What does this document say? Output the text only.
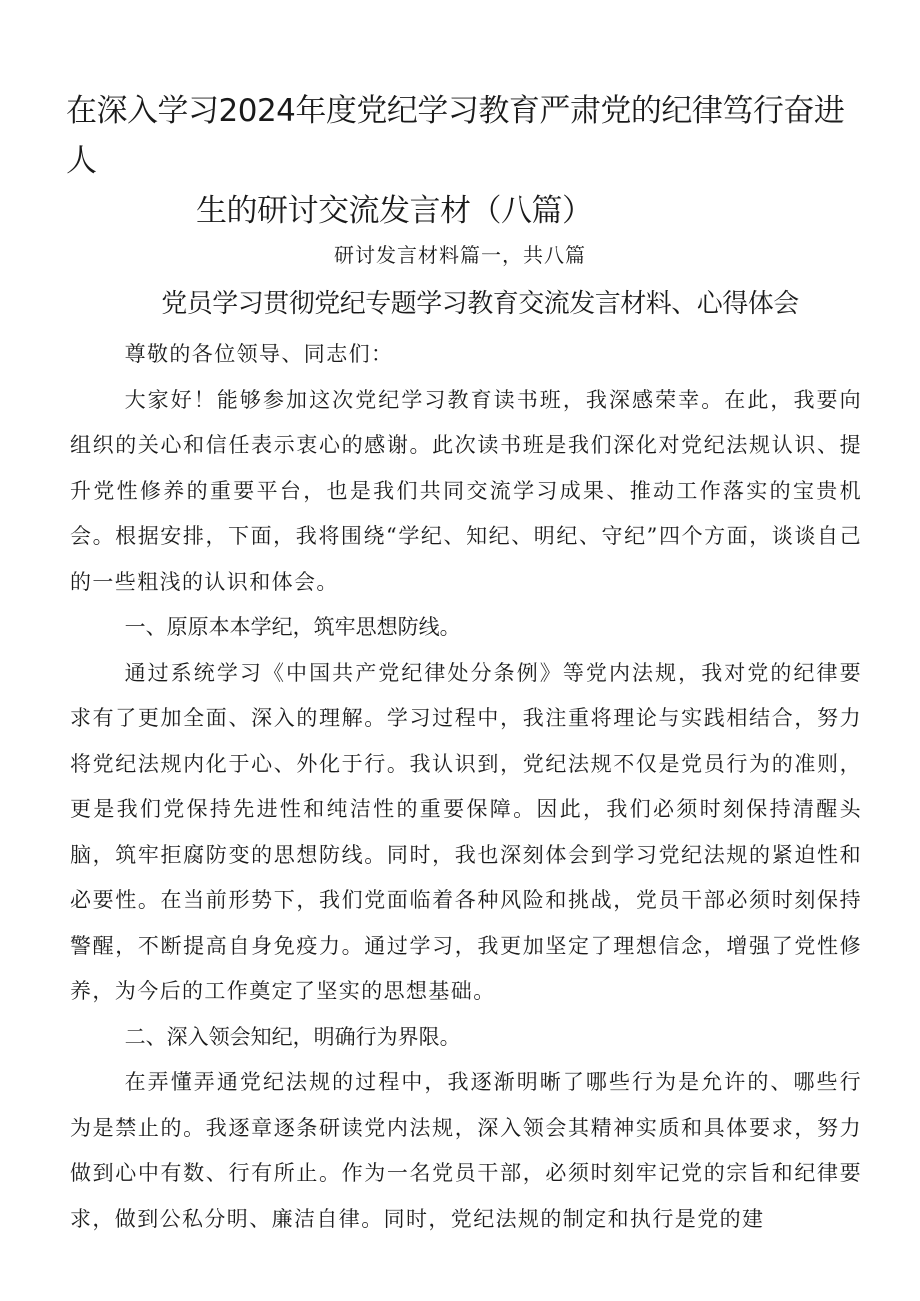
在深入学习2024年度党纪学习教育严肃党的纪律笃行奋进人
生的研讨交流发言材（八篇）
研讨发言材料篇一，共八篇
党员学习贯彻党纪专题学习教育交流发言材料、心得体会

尊敬的各位领导、同志们：

大家好！能够参加这次党纪学习教育读书班，我深感荣幸。在此，我要向组织的关心和信任表示衷心的感谢。此次读书班是我们深化对党纪法规认识、提升党性修养的重要平台，也是我们共同交流学习成果、推动工作落实的宝贵机会。根据安排，下面，我将围绕“学纪、知纪、明纪、守纪”四个方面，谈谈自己的一些粗浅的认识和体会。

一、原原本本学纪，筑牢思想防线。

通过系统学习《中国共产党纪律处分条例》等党内法规，我对党的纪律要求有了更加全面、深入的理解。学习过程中，我注重将理论与实践相结合，努力将党纪法规内化于心、外化于行。我认识到，党纪法规不仅是党员行为的准则，更是我们党保持先进性和纯洁性的重要保障。因此，我们必须时刻保持清醒头脑，筑牢拒腐防变的思想防线。同时，我也深刻体会到学习党纪法规的紧迫性和必要性。在当前形势下，我们党面临着各种风险和挑战，党员干部必须时刻保持警醒，不断提高自身免疫力。通过学习，我更加坚定了理想信念，增强了党性修养，为今后的工作奠定了坚实的思想基础。

二、深入领会知纪，明确行为界限。

在弄懂弄通党纪法规的过程中，我逐渐明晰了哪些行为是允许的、哪些行为是禁止的。我逐章逐条研读党内法规，深入领会其精神实质和具体要求，努力做到心中有数、行有所止。作为一名党员干部，必须时刻牢记党的宗旨和纪律要求，做到公私分明、廉洁自律。同时，党纪法规的制定和执行是党的建
